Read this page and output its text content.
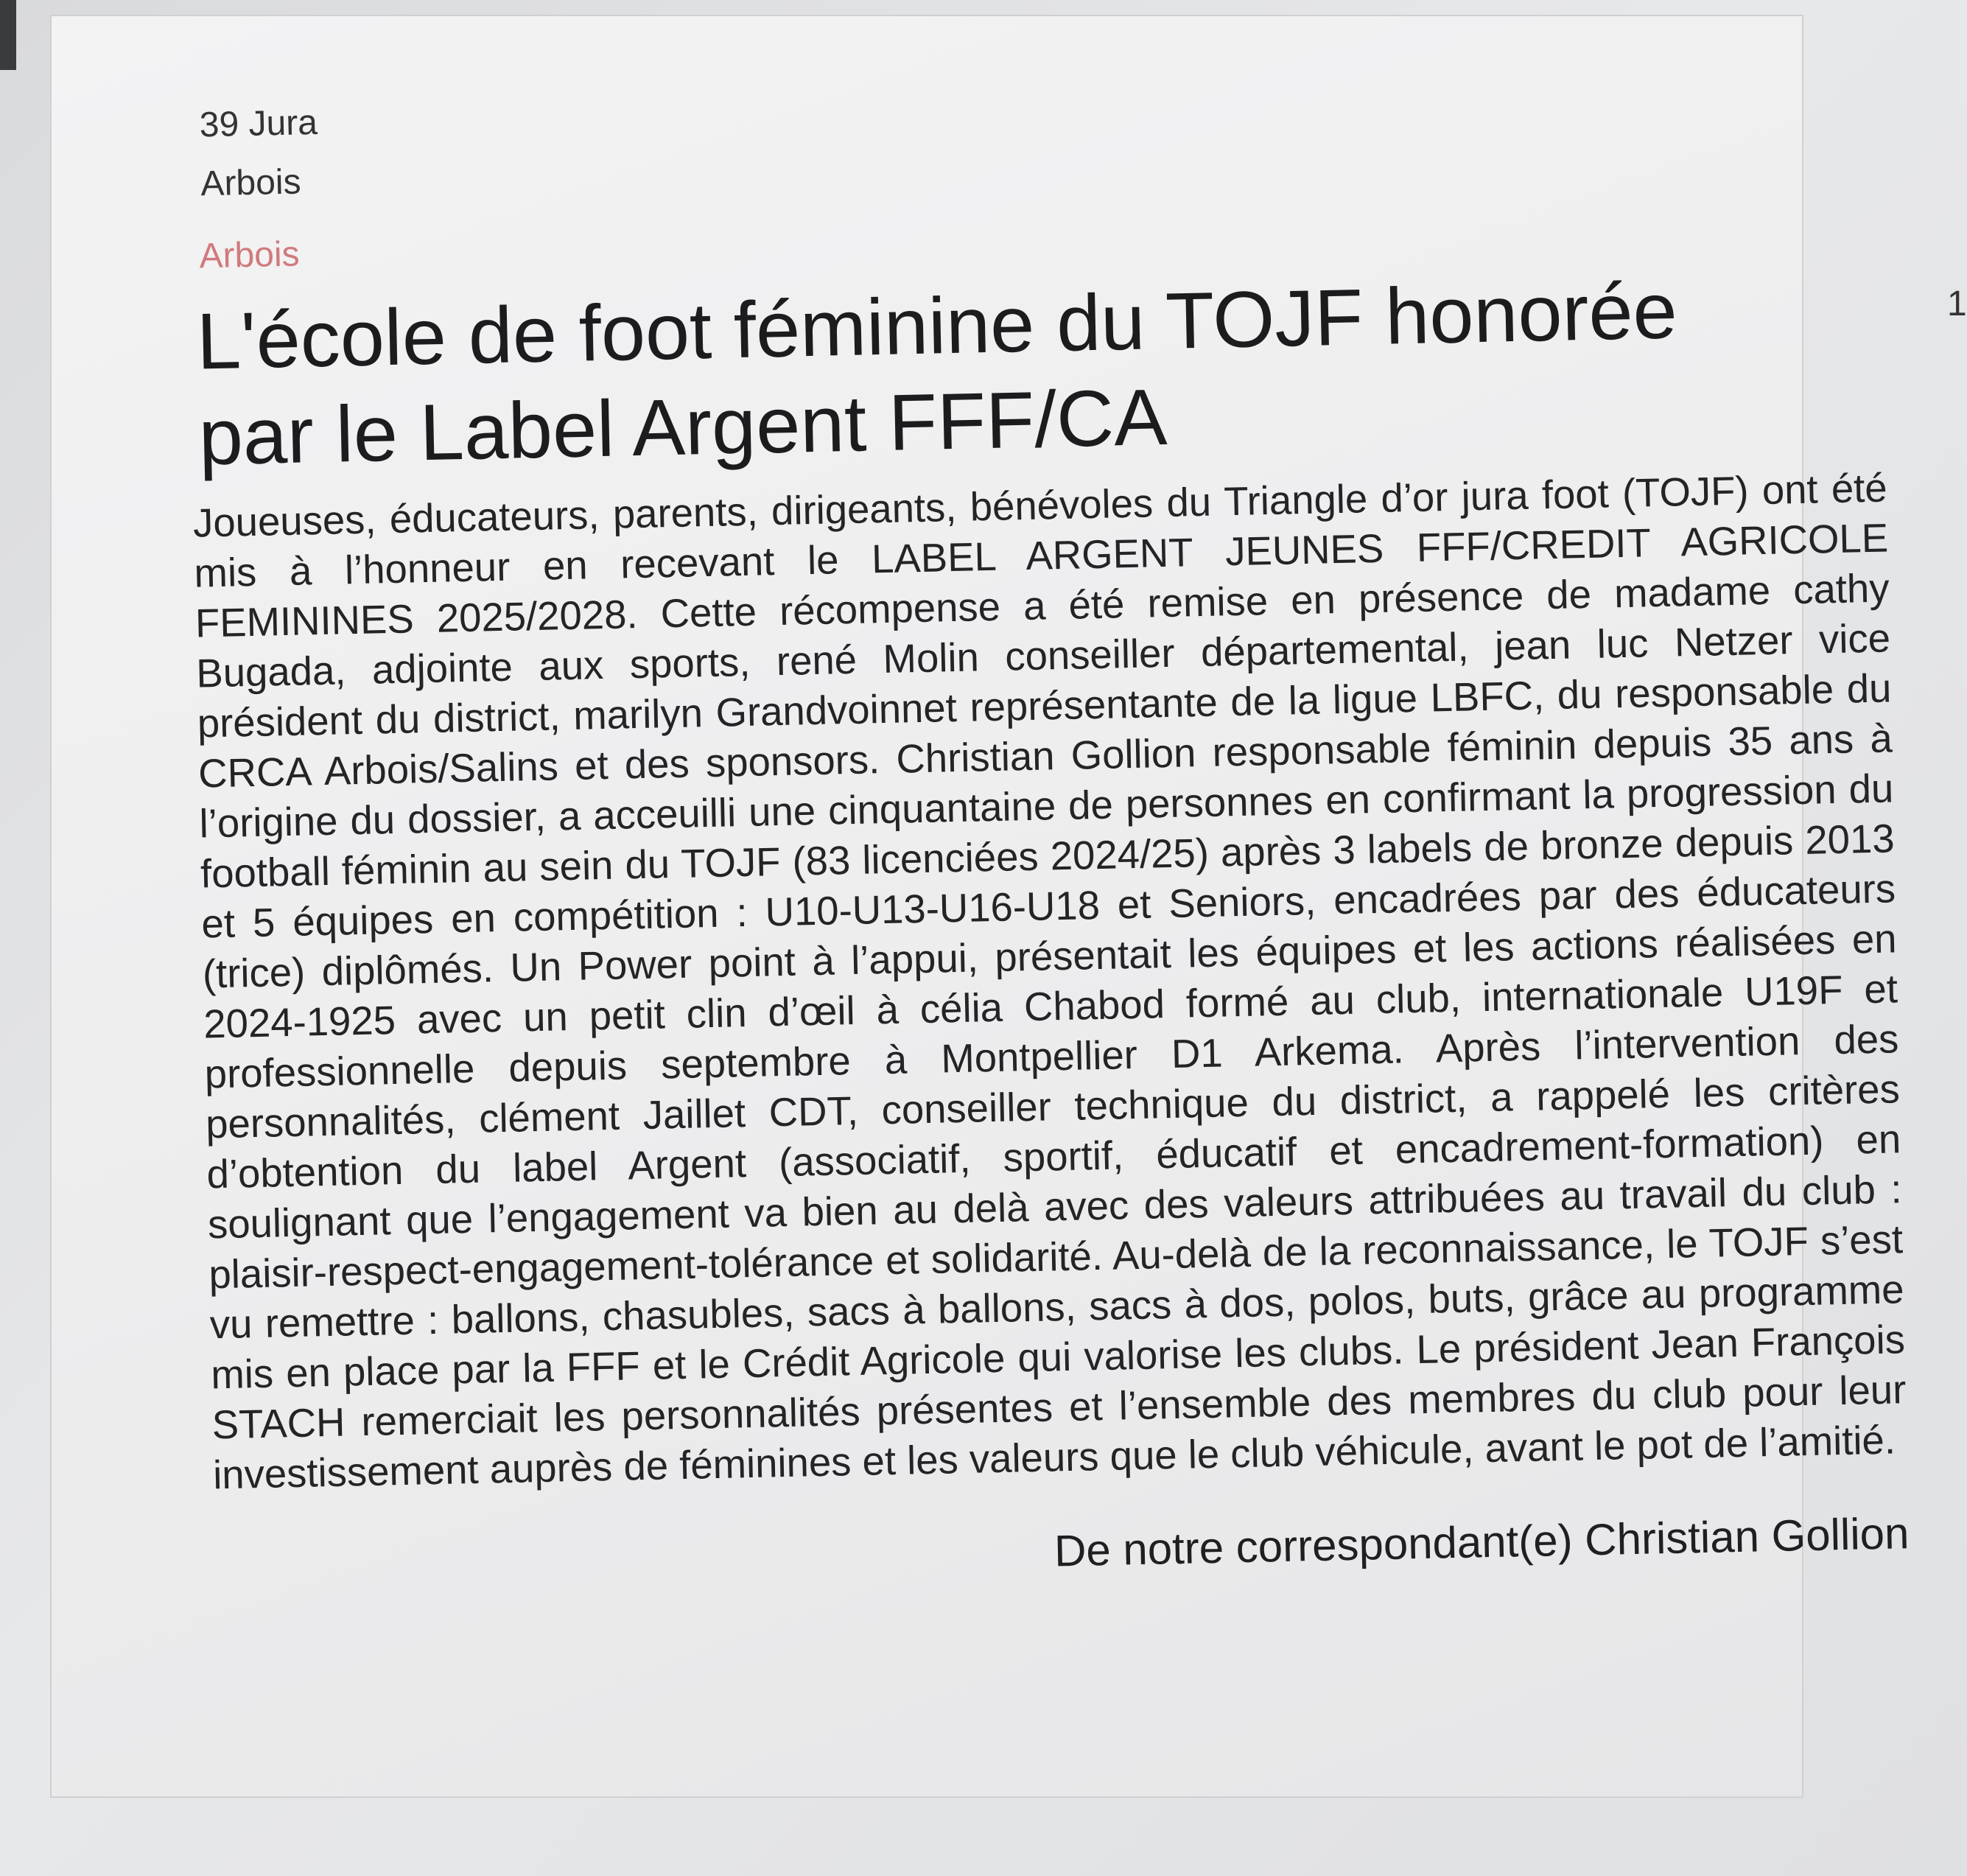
39 Jura
Arbois
Arbois
L'école de foot féminine du TOJF honorée par le Label Argent FFF/CA

Joueuses, éducateurs, parents, dirigeants, bénévoles du Triangle d’or jura foot (TOJF) ont été mis à l’honneur en recevant le LABEL ARGENT JEUNES FFF/CREDIT AGRICOLE FEMININES 2025/2028. Cette récompense a été remise en présence de madame cathy Bugada, adjointe aux sports, rené Molin conseiller départemental, jean luc Netzer vice président du district, marilyn Grandvoinnet représentante de la ligue LBFC, du responsable du CRCA Arbois/Salins et des sponsors. Christian Gollion responsable féminin depuis 35 ans à l’origine du dossier, a acceuilli une cinquantaine de personnes en confirmant la progression du football féminin au sein du TOJF (83 licenciées 2024/25) après 3 labels de bronze depuis 2013 et 5 équipes en compétition : U10-U13-U16-U18 et Seniors, encadrées par des éducateurs (trice) diplômés. Un Power point à l’appui, présentait les équipes et les actions réalisées en 2024-1925 avec un petit clin d’œil à célia Chabod formé au club, internationale U19F et professionnelle depuis septembre à Montpellier D1 Arkema. Après l’intervention des personnalités, clément Jaillet CDT, conseiller technique du district, a rappelé les critères d’obtention du label Argent (associatif, sportif, éducatif et encadrement-formation) en soulignant que l’engagement va bien au delà avec des valeurs attribuées au travail du club : plaisir-respect-engagement-tolérance et solidarité. Au-delà de la reconnaissance, le TOJF s’est vu remettre : ballons, chasubles, sacs à ballons, sacs à dos, polos, buts, grâce au programme mis en place par la FFF et le Crédit Agricole qui valorise les clubs. Le président Jean François STACH remerciait les personnalités présentes et l’ensemble des membres du club pour leur investissement auprès de féminines et les valeurs que le club véhicule, avant le pot de l’amitié.

De notre correspondant(e) Christian Gollion
1
